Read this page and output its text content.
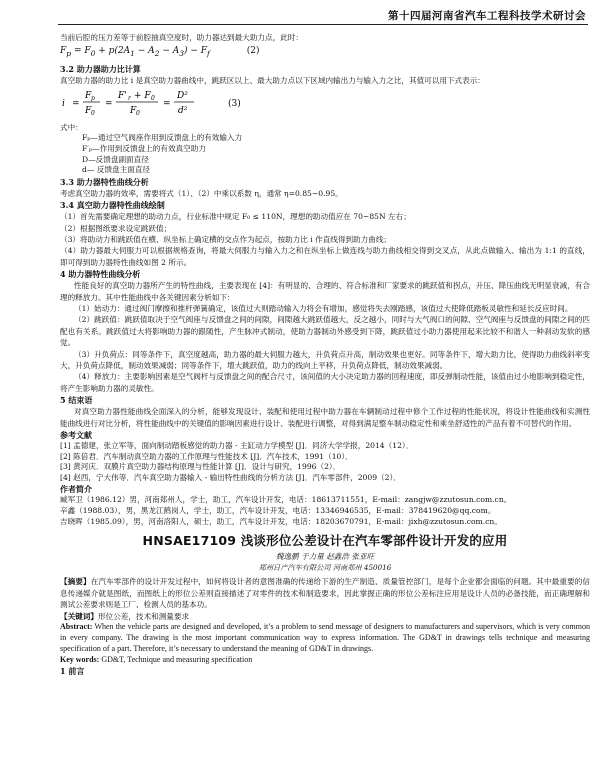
第十四届河南省汽车工程科技学术研讨会

当前后腔的压力差等于前腔抽真空度时，助力器达到最大助力点，此时：

$F_p = F_0 + p(2A_1 - A_2 - A_3) - F_f$	(2)

3.2 助力器助力比计算

真空助力器的助力比 i 是真空助力器曲线中，跳跃区以上、最大助力点以下区域内输出力与输入力之比，其值可以用下式表示：

i =
F p
F 0
=
F' r + F 0
F 0
=
D²
d²
(3)

式中：

Fₚ—通过空气阀座作用到反馈盘上的有效输入力

F′ₚ—作用到反馈盘上的有效真空助力

D—反馈盘副面直径

d— 反馈盘主面直径

3.3 助力器特性曲线分析

考虑真空助力器的效率，需要将式（1）、（2）中乘以系数 η，通常 η=0.85~0.95。

3.4 真空助力器特性曲线绘制

（1）首先需要确定理想的助动力点，行业标准中规定 F₀ ≤ 110N，理想的助动值应在 70~85N 左右；

（2）根据图纸要求设定跳跃值；

（3）将助动力和跳跃值在横、纵坐标上确定横的交点作为起点，按助力比 i 作直线得到助力曲线；

（4）助力器最大伺服力可以根据规格查询，将最大伺服力与输入力之和在纵坐标上做连线与助力曲线相交得到交叉点，从此点做输入、输出为 1:1 的直线，即可得到助力器特性曲线如图 2 所示。

4 助力器特性曲线分析

性能良好的真空助力器所产生的特性曲线，主要表现在 [4]：有明显的、合理的、符合标准和厂家要求的跳跃值和拐点，升压、降压曲线无明显衰减，有合理的释放力。其中性能曲线中各关键因素分析如下：

（1）始动力：通过阀门摩擦和推杆弹簧确定，该值过大则踏动输入力将会有增加，感觉将失去刚踏感，该值过大使降低踏板灵敏性和延长反应时间。

（2）跳跃值：跳跃值取决于空气阀座与反馈盘之间的间隙，间隙越大跳跃值越大，反之越小，同时与大气阀口的间隙、空气阀座与反馈盘的间隙之间的匹配也有关系。跳跃值过大将影响助力器的跟随性，产生脉冲式制动，使助力器制动外感受到下降，跳跃值过小助力器使用起来比较不和谐人一种刹动发软的感觉。

（3）升负荷点：同等条件下，真空度越高，助力器的最大伺服力越大，升负荷点升高，制动效果也更好。同等条件下，增大助力比，使得助力曲线斜率变大，升负荷点降低，制动效果减弱；同等条件下，增大跳跃值，助力的线向上平移，升负荷点降低，制动效果减弱。

（4）释放力：主要影响因素是空气阀杆与反馈盘之间的配合尺寸，该间值的大小决定助力器的回程速度，即反弹制动性能，该值由过小地影响到稳定性，将产生影响助力器的灵敏性。

5 结束语

对真空助力器性能曲线全面深入的分析，能够发现设计、装配和使用过程中助力器在车辆制动过程中修个工作过程的性能状况，将设计性能曲线和实测性能曲线进行对比分析，将性能曲线中的关键值的影响因素进行设计、装配进行调整，对得到满足整车制动稳定性和乘坐舒适性的产品有着不可替代的作用。

参考文献

[1] 孟德建，张立军等，面向制动踏板感觉的助力器 - 主缸动力学模型 [J]．同济大学学报，2014（12）．

[2] 陈倍君．汽车制动真空助力器的工作原理与性能技术 [J]．汽车技术，1991（10）．

[3] 黄河庆．双膜片真空助力器结构原理与性能计算 [J]．设计与研究，1996（2）．

[4] 赵西，宁大伟等．汽车真空助力器输入 - 输出特性曲线的分析方法 [J]．汽车零部件，2009（2）．

作者简介

臧军卫（1986.12）男，河南郑州人，学士，助工，汽车设计开发，电话：18613711551，E-mail：zangjw@zzutosun.com.cn。

辛鑫（1988.03），男，黑龙江鹤岗人，学士，助工，汽车设计开发，电话：13346946535，E-mail：378419620@qq.com。

吉晓晖（1985.09），男，河南洛阳人，硕士，助工，汽车设计开发，电话：18203670791，E-mail：jixh@zzutosun.com.cn。

HNSAE17109 浅谈形位公差设计在汽车零部件设计开发的应用

魏逸鹏 于力量 赵鑫浩 张亚旺

郑州日产汽车有限公司 河南郑州 450016

【摘要】在汽车零部件的设计开发过程中，如何将设计者的意图准确的传递给下游的生产制造、质量管控部门，是每个企业都会面临的问题。其中最重要的信息传递媒介就是图纸，而图纸上的形位公差则直接描述了对零件的技术和制造要求，因此掌握正确的形位公差标注应用是设计人员的必备技能，而正确理解和测试公差要求则是工厂、检测人员的基本功。

【关键词】形位公差，技术和测量要求

Abstract: When the vehicle parts are designed and developed, it’s a problem to send message of designers to manufacturers and supervisors, which is very common in every company. The drawing is the most important communication way to express information. The GD&T in drawings tells technique and measuring specification of a part. Therefore, it’s necessary to understand the meaning of GD&T in drawings.

Key words: GD&T, Technique and measuring specification

1 前言
